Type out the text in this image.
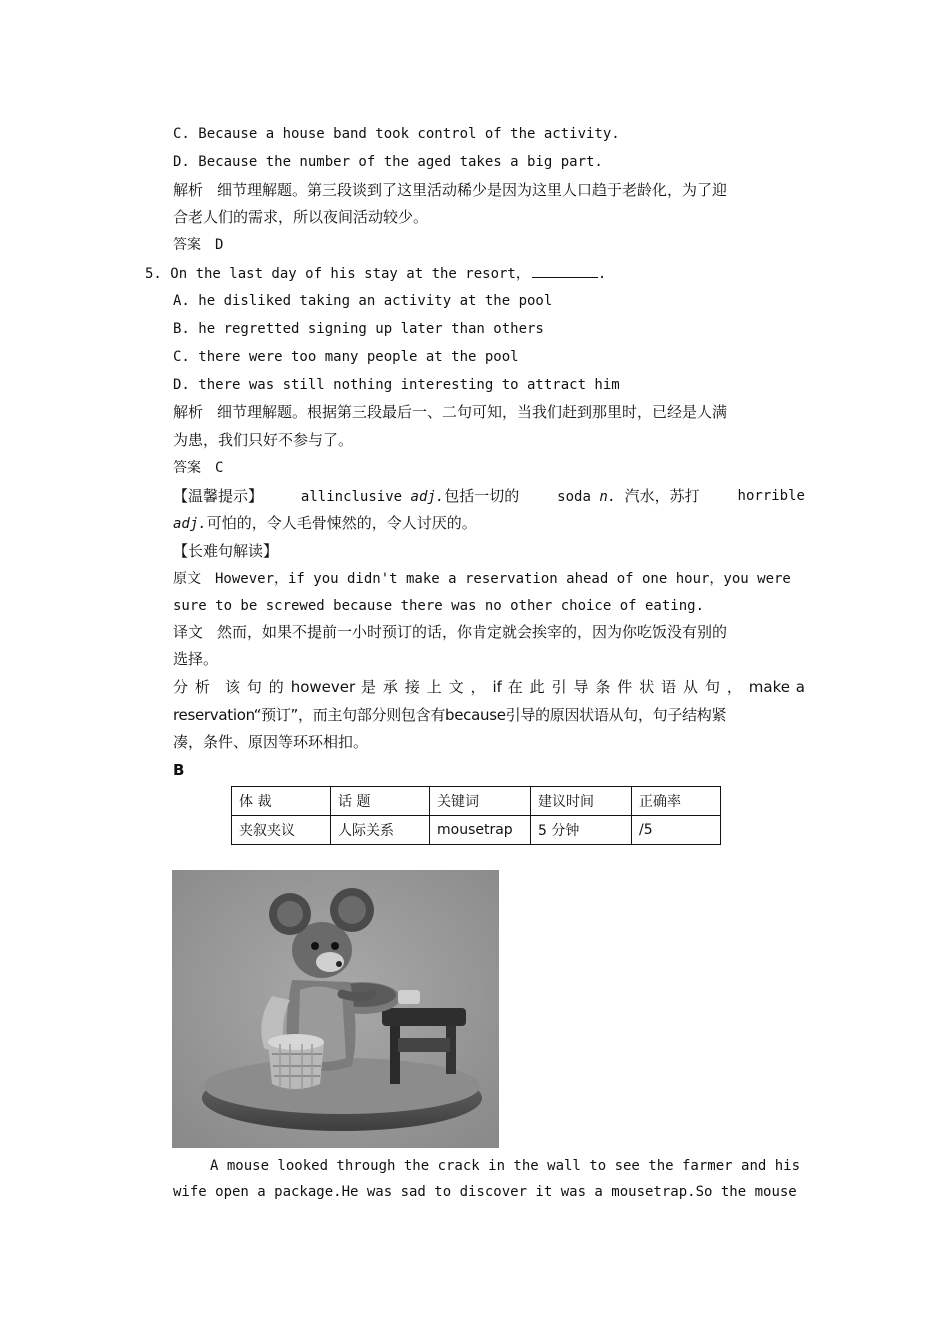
C. Because a house band took control of the activity.
D. Because the number of the aged takes a big part.
解析 细节理解题。第三段谈到了这里活动稀少是因为这里人口趋于老龄化，为了迎
合老人们的需求，所以夜间活动较少。
答案 D
5. On the last day of his stay at the resort，	.
A. he disliked taking an activity at the pool
B. he regretted signing up later than others
C. there were too many people at the pool
D. there was still nothing interesting to attract him
解析 细节理解题。根据第三段最后一、二句可知，当我们赶到那里时，已经是人满
为患，我们只好不参与了。
答案 C
【温馨提示】	allinclusive adj.包括一切的	soda n. 汽水，苏打	horrible
adj.可怕的，令人毛骨悚然的，令人讨厌的。
【长难句解读】
原文 However，if you didn't make a reservation ahead of one hour，you were
sure to be screwed because there was no other choice of eating.
译文 然而，如果不提前一小时预订的话，你肯定就会挨宰的，因为你吃饭没有别的
选择。
分 析 该 句 的 however 是 承 接 上 文 ， if 在 此 引 导 条 件 状 语 从 句 ， make a
reservation“预订”，而主句部分则包含有because引导的原因状语从句，句子结构紧
凑，条件、原因等环环相扣。
B
体 裁	话 题	关键词	建议时间	正确率
夹叙夹议	人际关系	mousetrap	5 分钟	/5
A mouse looked through the crack in the wall to see the farmer and his
wife open a package.He was sad to discover it was a mousetrap.So the mouse
